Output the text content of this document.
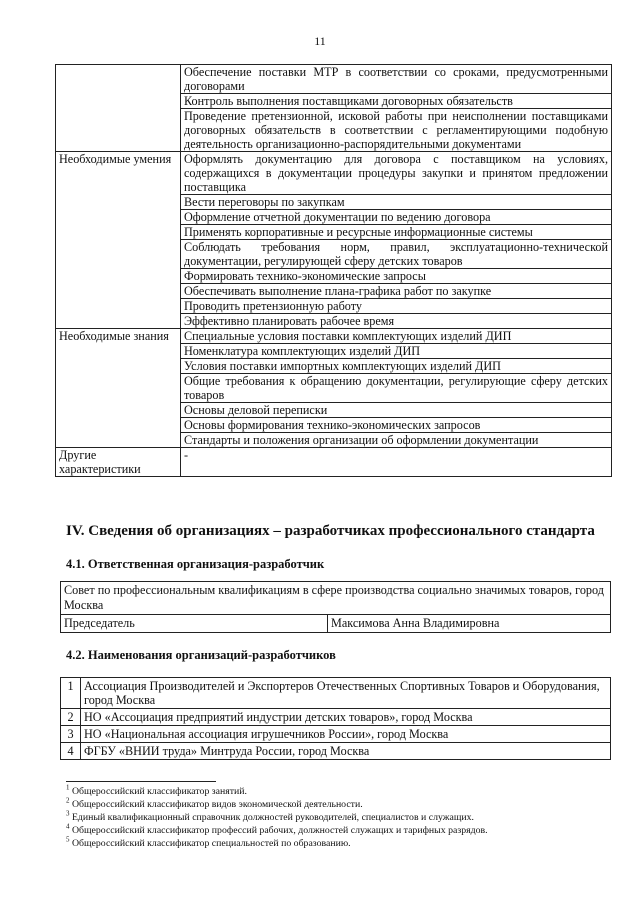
11
	Обеспечение поставки МТР в соответствии со сроками, предусмотренными договорами
	Контроль выполнения поставщиками договорных обязательств
	Проведение претензионной, исковой работы при неисполнении поставщиками договорных обязательств в соответствии с регламентирующими подобную деятельность организационно-распорядительными документами
Необходимые умения	Оформлять документацию для договора с поставщиком на условиях, содержащихся в документации процедуры закупки и принятом предложении поставщика
	Вести переговоры по закупкам
	Оформление отчетной документации по ведению договора
	Применять корпоративные и ресурсные информационные системы
	Соблюдать требования норм, правил, эксплуатационно-технической документации, регулирующей сферу детских товаров
	Формировать технико-экономические запросы
	Обеспечивать выполнение плана-графика работ по закупке
	Проводить претензионную работу
	Эффективно планировать рабочее время
Необходимые знания	Специальные условия поставки комплектующих изделий ДИП
	Номенклатура комплектующих изделий ДИП
	Условия поставки импортных комплектующих изделий ДИП
	Общие требования к обращению документации, регулирующие сферу детских товаров
	Основы деловой переписки
	Основы формирования технико-экономических запросов
	Стандарты и положения организации об оформлении документации
Другие характеристики	-
IV. Сведения об организациях – разработчиках профессионального стандарта
4.1. Ответственная организация-разработчик
Совет по профессиональным квалификациям в сфере производства социально значимых товаров, город Москва
Председатель	Максимова Анна Владимировна
4.2. Наименования организаций-разработчиков
1	Ассоциация Производителей и Экспортеров Отечественных Спортивных Товаров и Оборудования, город Москва
2	НО «Ассоциация предприятий индустрии детских товаров», город Москва
3	НО «Национальная ассоциация игрушечников России», город Москва
4	ФГБУ «ВНИИ труда» Минтруда России, город Москва
$^1$ Общероссийский классификатор занятий.
$^2$ Общероссийский классификатор видов экономической деятельности.
$^3$ Единый квалификационный справочник должностей руководителей, специалистов и служащих.
$^4$ Общероссийский классификатор профессий рабочих, должностей служащих и тарифных разрядов.
$^5$ Общероссийский классификатор специальностей по образованию.
